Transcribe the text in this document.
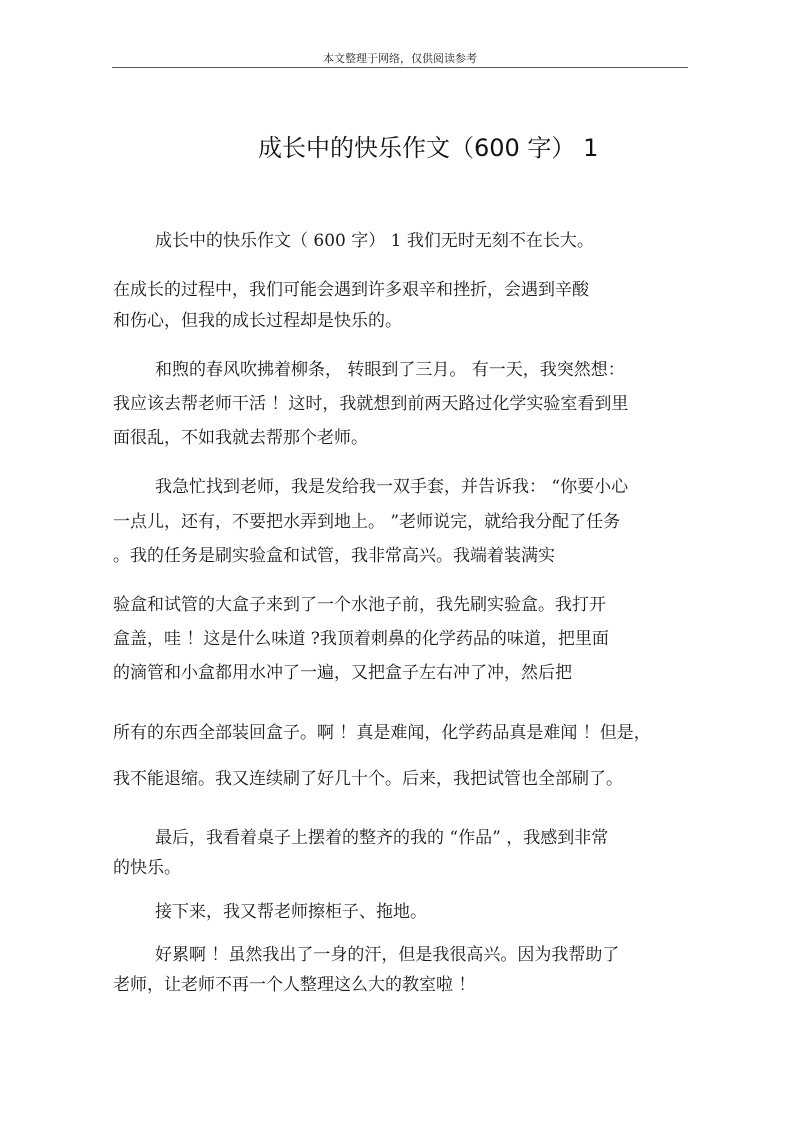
本文整理于网络，仅供阅读参考
成长中的快乐作文（600 字） 1
成长中的快乐作文（ 600 字） 1 我们无时无刻不在长大。
在成长的过程中，我们可能会遇到许多艰辛和挫折，会遇到辛酸
和伤心，但我的成长过程却是快乐的。
和煦的春风吹拂着柳条， 转眼到了三月。 有一天，我突然想：
我应该去帮老师干活 ！这时，我就想到前两天路过化学实验室看到里
面很乱，不如我就去帮那个老师。
我急忙找到老师，我是发给我一双手套，并告诉我： “你要小心
一点儿，还有，不要把水弄到地上。 ”老师说完，就给我分配了任务
。我的任务是刷实验盒和试管，我非常高兴。我端着装满实
验盒和试管的大盒子来到了一个水池子前，我先刷实验盒。我打开
盒盖，哇 ！这是什么味道 ?我顶着刺鼻的化学药品的味道，把里面
的滴管和小盒都用水冲了一遍，又把盒子左右冲了冲，然后把
所有的东西全部装回盒子。啊 ！真是难闻，化学药品真是难闻 ！但是，
我不能退缩。我又连续刷了好几十个。后来，我把试管也全部刷了。
最后，我看着桌子上摆着的整齐的我的 “作品” ，我感到非常
的快乐。
接下来，我又帮老师擦柜子、拖地。
好累啊 ！虽然我出了一身的汗，但是我很高兴。因为我帮助了
老师，让老师不再一个人整理这么大的教室啦 ！
